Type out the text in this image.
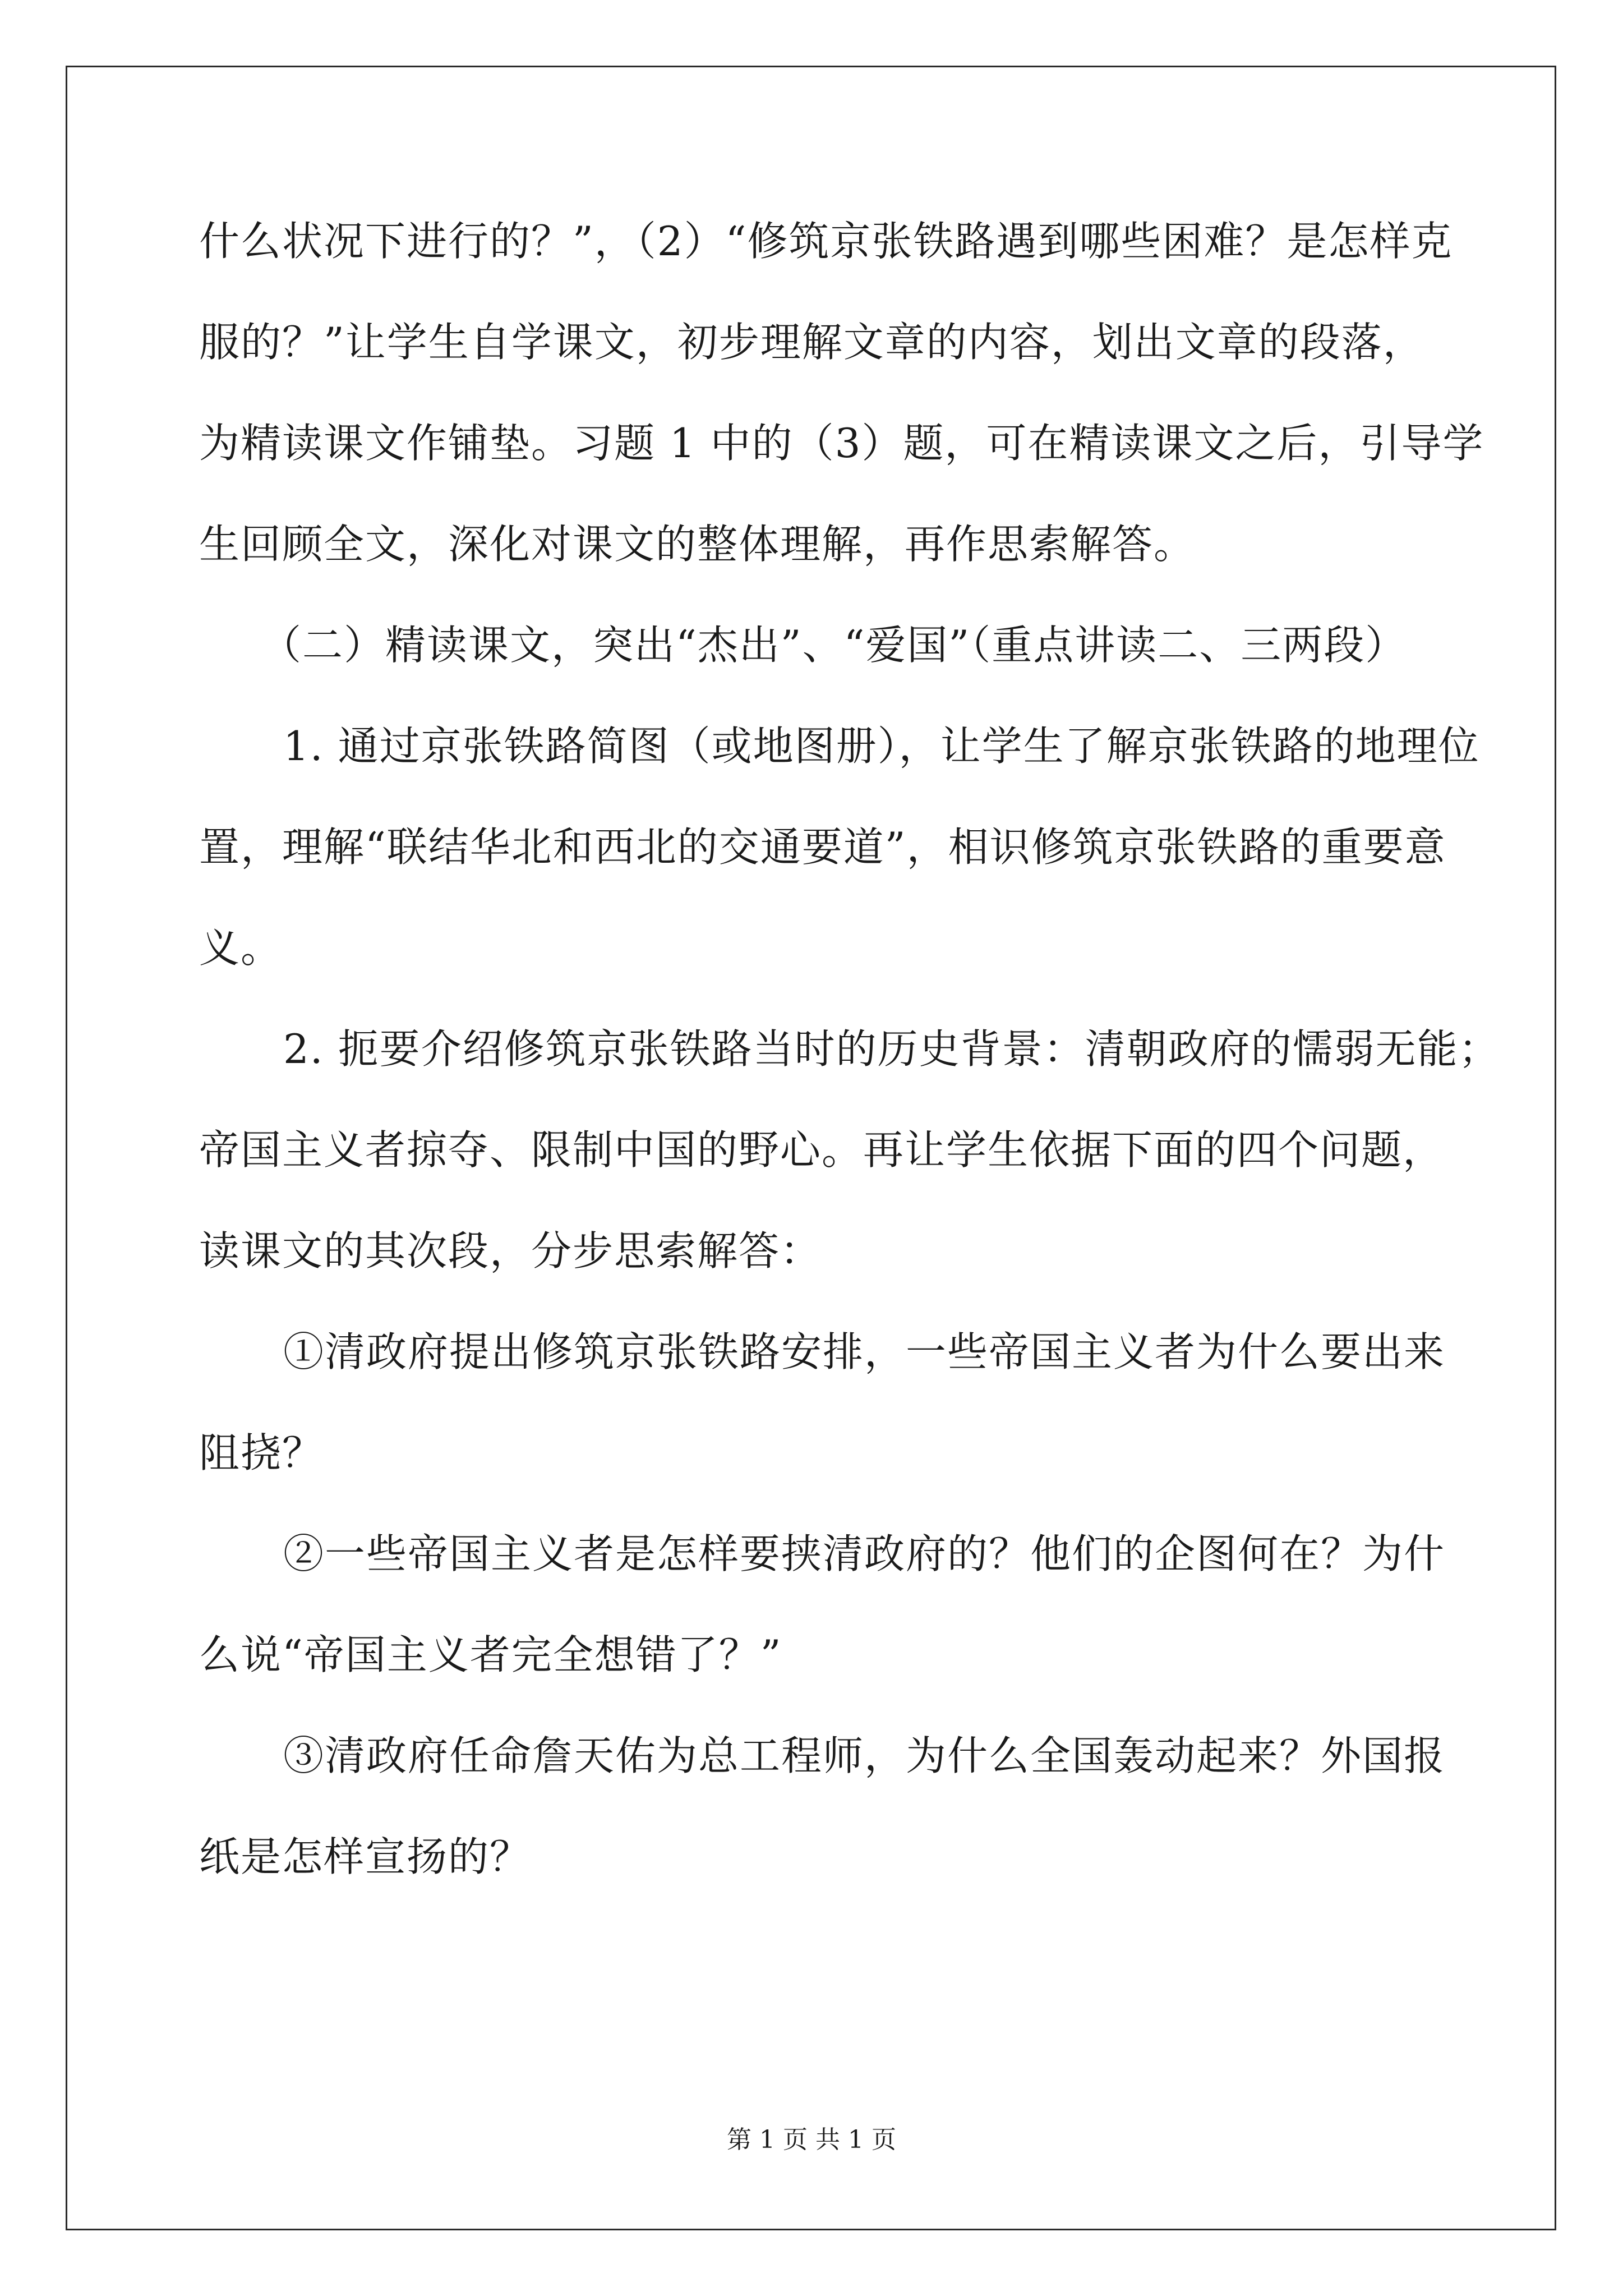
什么状况下进行的？”，（2）“修筑京张铁路遇到哪些困难？是怎样克
服的？”让学生自学课文，初步理解文章的内容，划出文章的段落，
为精读课文作铺垫。习题 1 中的（3）题，可在精读课文之后，引导学
生回顾全文，深化对课文的整体理解，再作思索解答。
（二）精读课文，突出“杰出”、“爱国”（重点讲读二、三两段）
1. 通过京张铁路简图（或地图册），让学生了解京张铁路的地理位
置，理解“联结华北和西北的交通要道”，相识修筑京张铁路的重要意
义。
2. 扼要介绍修筑京张铁路当时的历史背景：清朝政府的懦弱无能；
帝国主义者掠夺、限制中国的野心。再让学生依据下面的四个问题，
读课文的其次段，分步思索解答：
①清政府提出修筑京张铁路安排，一些帝国主义者为什么要出来
阻挠？
②一些帝国主义者是怎样要挟清政府的？他们的企图何在？为什
么说“帝国主义者完全想错了？”
③清政府任命詹天佑为总工程师，为什么全国轰动起来？外国报
纸是怎样宣扬的？
第 1 页 共 1 页
